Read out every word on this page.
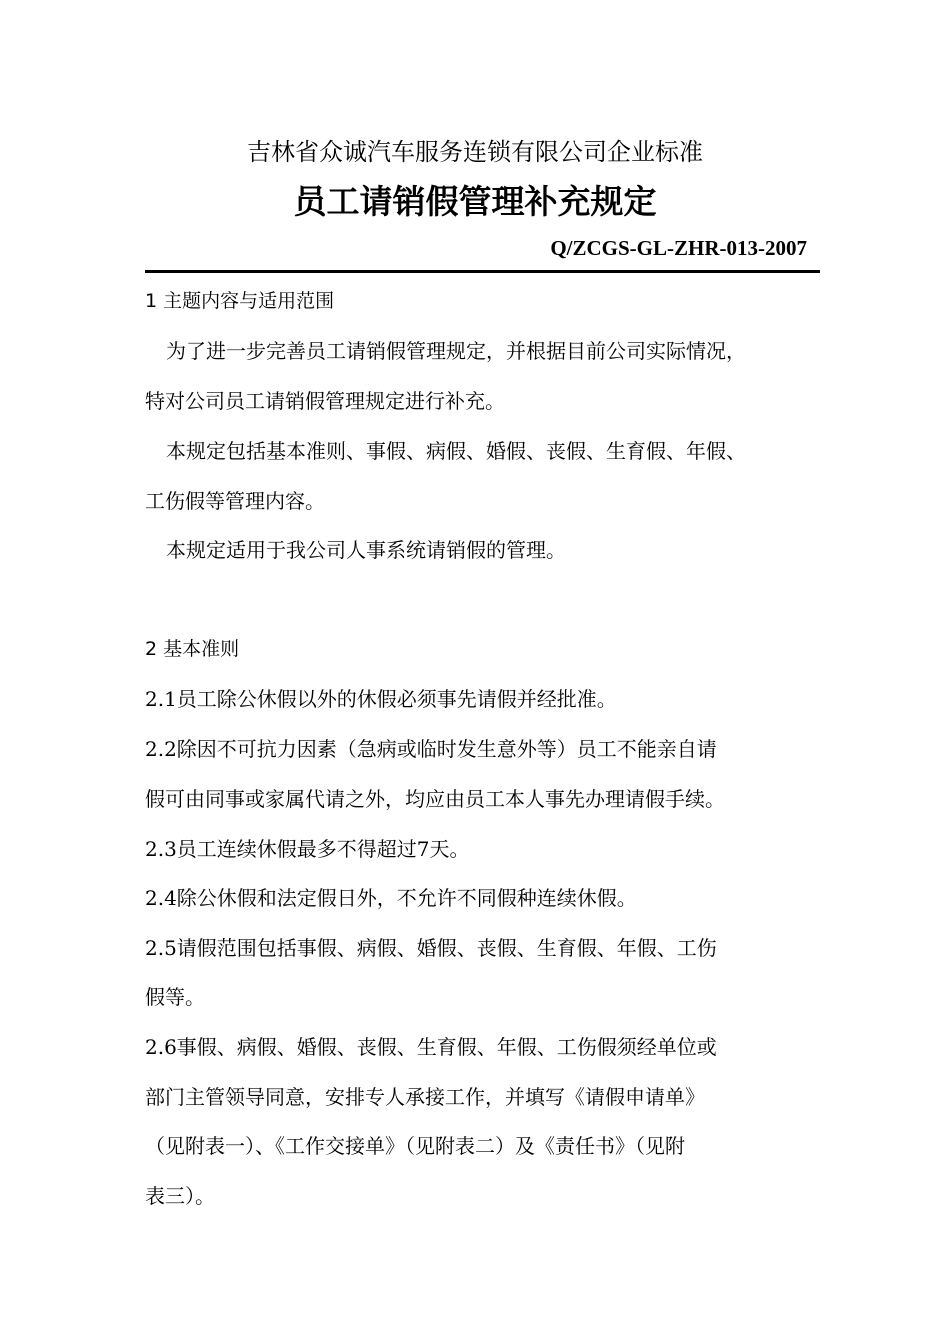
吉林省众诚汽车服务连锁有限公司企业标准
员工请销假管理补充规定
Q/ZCGS-GL-ZHR-013-2007
1 主题内容与适用范围
为了进一步完善员工请销假管理规定，并根据目前公司实际情况，
特对公司员工请销假管理规定进行补充。
本规定包括基本准则、事假、病假、婚假、丧假、生育假、年假、
工伤假等管理内容。
本规定适用于我公司人事系统请销假的管理。
2 基本准则
2.1员工除公休假以外的休假必须事先请假并经批准。
2.2除因不可抗力因素（急病或临时发生意外等）员工不能亲自请
假可由同事或家属代请之外，均应由员工本人事先办理请假手续。
2.3员工连续休假最多不得超过7天。
2.4除公休假和法定假日外，不允许不同假种连续休假。
2.5请假范围包括事假、病假、婚假、丧假、生育假、年假、工伤
假等。
2.6事假、病假、婚假、丧假、生育假、年假、工伤假须经单位或
部门主管领导同意，安排专人承接工作，并填写《请假申请单》
（见附表一）、《工作交接单》（见附表二）及《责任书》（见附
表三）。
